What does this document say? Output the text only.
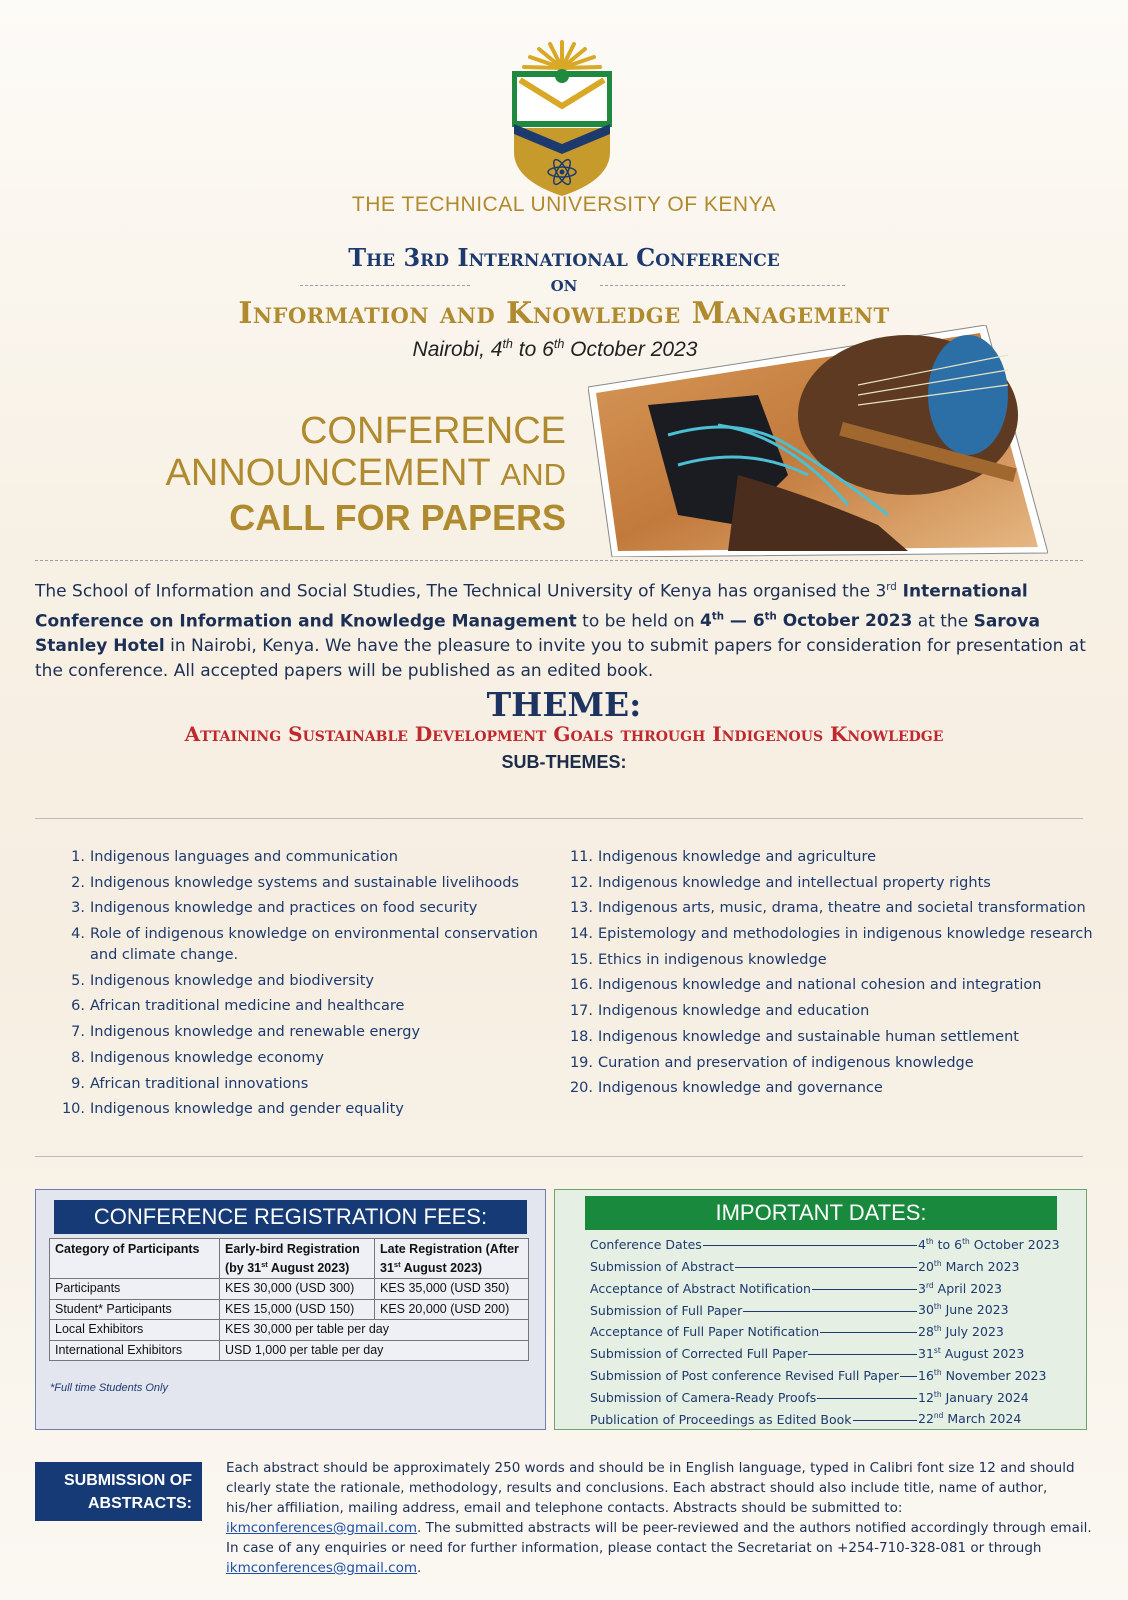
THE TECHNICAL UNIVERSITY OF KENYA
The 3rd International Conference
on
Information and Knowledge Management
Nairobi, 4th to 6th October 2023
CONFERENCE
ANNOUNCEMENT AND
CALL FOR PAPERS
The School of Information and Social Studies, The Technical University of Kenya has organised the 3rd International Conference on Information and Knowledge Management to be held on 4th — 6th October 2023 at the Sarova Stanley Hotel in Nairobi, Kenya. We have the pleasure to invite you to submit papers for consideration for presentation at the conference. All accepted papers will be published as an edited book.
THEME:
Attaining Sustainable Development Goals through Indigenous Knowledge
SUB-THEMES:
1. Indigenous languages and communication
2. Indigenous knowledge systems and sustainable livelihoods
3. Indigenous knowledge and practices on food security
4. Role of indigenous knowledge on environmental conservation and climate change.
5. Indigenous knowledge and biodiversity
6. African traditional medicine and healthcare
7. Indigenous knowledge and renewable energy
8. Indigenous knowledge economy
9. African traditional innovations
10. Indigenous knowledge and gender equality
11. Indigenous knowledge and agriculture
12. Indigenous knowledge and intellectual property rights
13. Indigenous arts, music, drama, theatre and societal transformation
14. Epistemology and methodologies in indigenous knowledge research
15. Ethics in indigenous knowledge
16. Indigenous knowledge and national cohesion and integration
17. Indigenous knowledge and education
18. Indigenous knowledge and sustainable human settlement
19. Curation and preservation of indigenous knowledge
20. Indigenous knowledge and governance
CONFERENCE REGISTRATION FEES:
Category of Participants	Early-bird Registration (by 31st August 2023)	Late Registration (After 31st August 2023)
Participants	KES 30,000 (USD 300)	KES 35,000 (USD 350)
Student* Participants	KES 15,000 (USD 150)	KES 20,000 (USD 200)
Local Exhibitors	KES 30,000 per table per day	
International Exhibitors	USD 1,000 per table per day	
*Full time Students Only
IMPORTANT DATES:
Conference Dates	4th to 6th October 2023
Submission of Abstract	20th March 2023
Acceptance of Abstract Notification	3rd April 2023
Submission of Full Paper	30th June 2023
Acceptance of Full Paper Notification	28th July 2023
Submission of Corrected Full Paper	31st August 2023
Submission of Post conference Revised Full Paper 16th November 2023
Submission of Camera-Ready Proofs	12th January 2024
Publication of Proceedings as Edited Book	22nd March 2024
SUBMISSION OF
ABSTRACTS:
Each abstract should be approximately 250 words and should be in English language, typed in Calibri font size 12 and should clearly state the rationale, methodology, results and conclusions. Each abstract should also include title, name of author, his/her affiliation, mailing address, email and telephone contacts. Abstracts should be submitted to: ikmconferences@gmail.com. The submitted abstracts will be peer-reviewed and the authors notified accordingly through email. In case of any enquiries or need for further information, please contact the Secretariat on +254-710-328-081 or through ikmconferences@gmail.com.
